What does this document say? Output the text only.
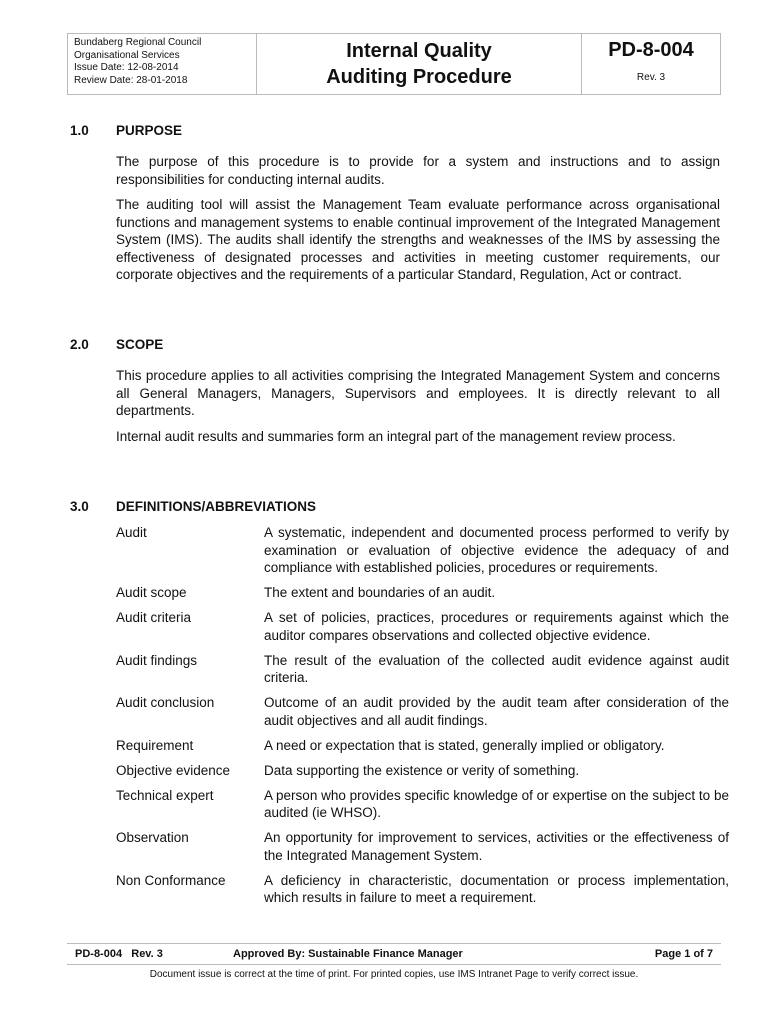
Bundaberg Regional Council
Organisational Services
Issue Date: 12-08-2014
Review Date: 28-01-2018
Internal Quality
Auditing Procedure
PD-8-004
Rev. 3
1.0	PURPOSE

The purpose of this procedure is to provide for a system and instructions and to assign responsibilities for conducting internal audits.

The auditing tool will assist the Management Team evaluate performance across organisational functions and management systems to enable continual improvement of the Integrated Management System (IMS). The audits shall identify the strengths and weaknesses of the IMS by assessing the effectiveness of designated processes and activities in meeting customer requirements, our corporate objectives and the requirements of a particular Standard, Regulation, Act or contract.

2.0	SCOPE

This procedure applies to all activities comprising the Integrated Management System and concerns all General Managers, Managers, Supervisors and employees. It is directly relevant to all departments.

Internal audit results and summaries form an integral part of the management review process.

3.0	DEFINITIONS/ABBREVIATIONS
Audit	A systematic, independent and documented process performed to verify by examination or evaluation of objective evidence the adequacy of and compliance with established policies, procedures or requirements.
Audit scope	The extent and boundaries of an audit.
Audit criteria	A set of policies, practices, procedures or requirements against which the auditor compares observations and collected objective evidence.
Audit findings	The result of the evaluation of the collected audit evidence against audit criteria.
Audit conclusion	Outcome of an audit provided by the audit team after consideration of the audit objectives and all audit findings.
Requirement	A need or expectation that is stated, generally implied or obligatory.
Objective evidence	Data supporting the existence or verity of something.
Technical expert	A person who provides specific knowledge of or expertise on the subject to be audited (ie WHSO).
Observation	An opportunity for improvement to services, activities or the effectiveness of the Integrated Management System.
Non Conformance	A deficiency in characteristic, documentation or process implementation, which results in failure to meet a requirement.
PD-8-004   Rev. 3	Approved By: Sustainable Finance Manager	Page 1 of 7
Document issue is correct at the time of print. For printed copies, use IMS Intranet Page to verify correct issue.
